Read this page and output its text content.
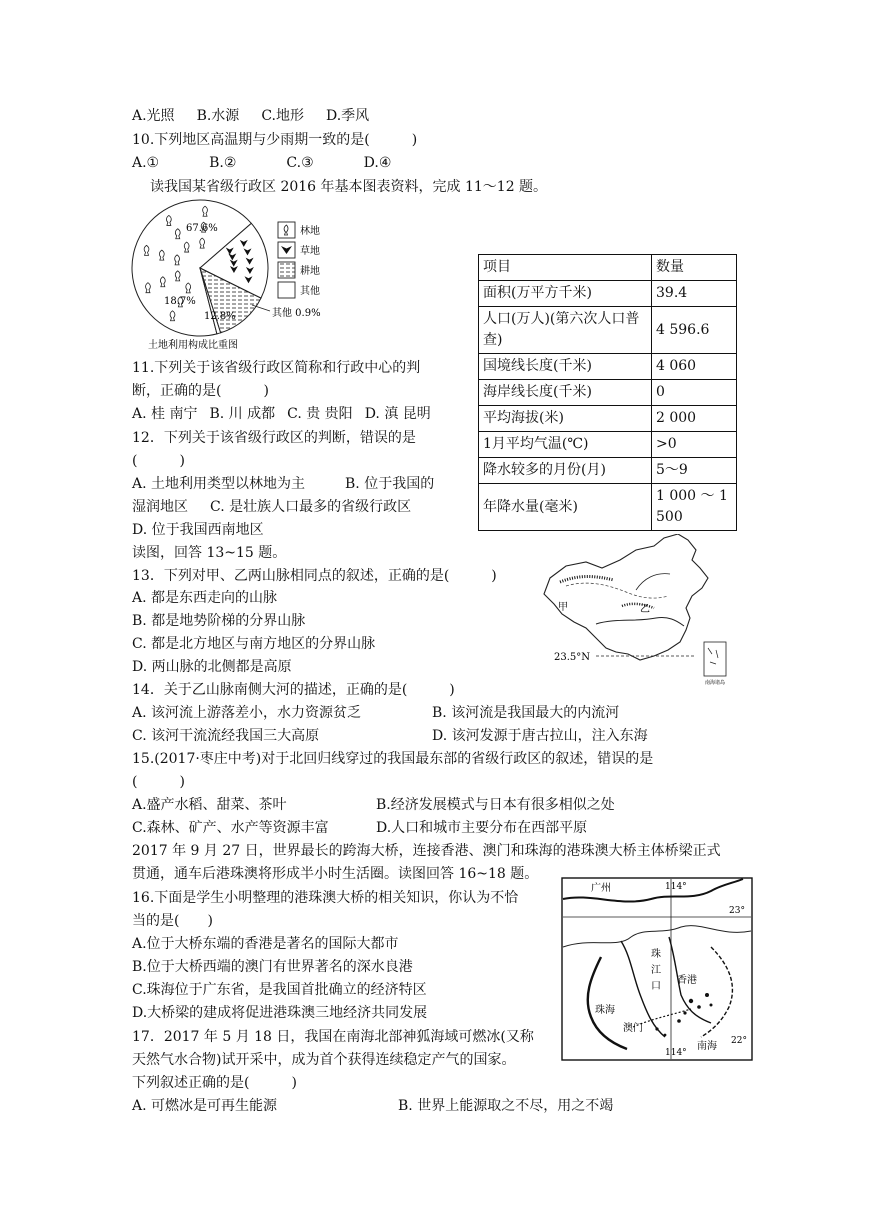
A.光照 B.水源 C.地形 D.季风
10.下列地区高温期与少雨期一致的是(　　　)
A.①	B.②	C.③	D.④
读我国某省级行政区 2016 年基本图表资料，完成 11～12 题。
67.6%
18.7%
12.8%	其他 0.9%
土地利用构成比重图
林地
草地
耕地
其他
项目	数量
面积(万平方千米)	39.4
人口(万人)(第六次人口普查)	4 596.6
国境线长度(千米)	4 060
海岸线长度(千米)	0
平均海拔(米)	2 000
1月平均气温(℃)	>0
降水较多的月份(月)	5～9
年降水量(毫米)	1 000 ～ 1 500
11.下列关于该省级行政区简称和行政中心的判
断，正确的是(　　　)
A. 桂 南宁 B. 川 成都 C. 贵 贵阳 D. 滇 昆明
12．下列关于该省级行政区的判断，错误的是
(　　　)
A. 土地利用类型以林地为主	B. 位于我国的
湿润地区 C. 是壮族人口最多的省级行政区
D. 位于我国西南地区
读图，回答 13~15 题。
13．下列对甲、乙两山脉相同点的叙述，正确的是(　　　)
A. 都是东西走向的山脉
B. 都是地势阶梯的分界山脉
C. 都是北方地区与南方地区的分界山脉
D. 两山脉的北侧都是高原
甲	乙
23.5°N
南海诸岛
14．关于乙山脉南侧大河的描述，正确的是(　　　)
A. 该河流上游落差小，水力资源贫乏	B. 该河流是我国最大的内流河
C. 该河干流流经我国三大高原	D. 该河发源于唐古拉山，注入东海
15.(2017·枣庄中考)对于北回归线穿过的我国最东部的省级行政区的叙述，错误的是
(　　　)
A.盛产水稻、甜菜、茶叶	B.经济发展模式与日本有很多相似之处
C.森林、矿产、水产等资源丰富	D.人口和城市主要分布在西部平原
2017 年 9 月 27 日，世界最长的跨海大桥，连接香港、澳门和珠海的港珠澳大桥主体桥梁正式
贯通，通车后港珠澳将形成半小时生活圈。读图回答 16~18 题。
16.下面是学生小明整理的港珠澳大桥的相关知识，你认为不恰
当的是(　　)
A.位于大桥东端的香港是著名的国际大都市
B.位于大桥西端的澳门有世界著名的深水良港
C.珠海位于广东省，是我国首批确立的经济特区
D.大桥梁的建成将促进港珠澳三地经济共同发展
广州	114°
23°
珠
江
口
香港
珠海
澳门
114°
南海 22°
17．2017 年 5 月 18 日，我国在南海北部神狐海域可燃冰(又称
天然气水合物)试开采中，成为首个获得连续稳定产气的国家。
下列叙述正确的是(　　　)
A. 可燃冰是可再生能源	B. 世界上能源取之不尽，用之不竭
